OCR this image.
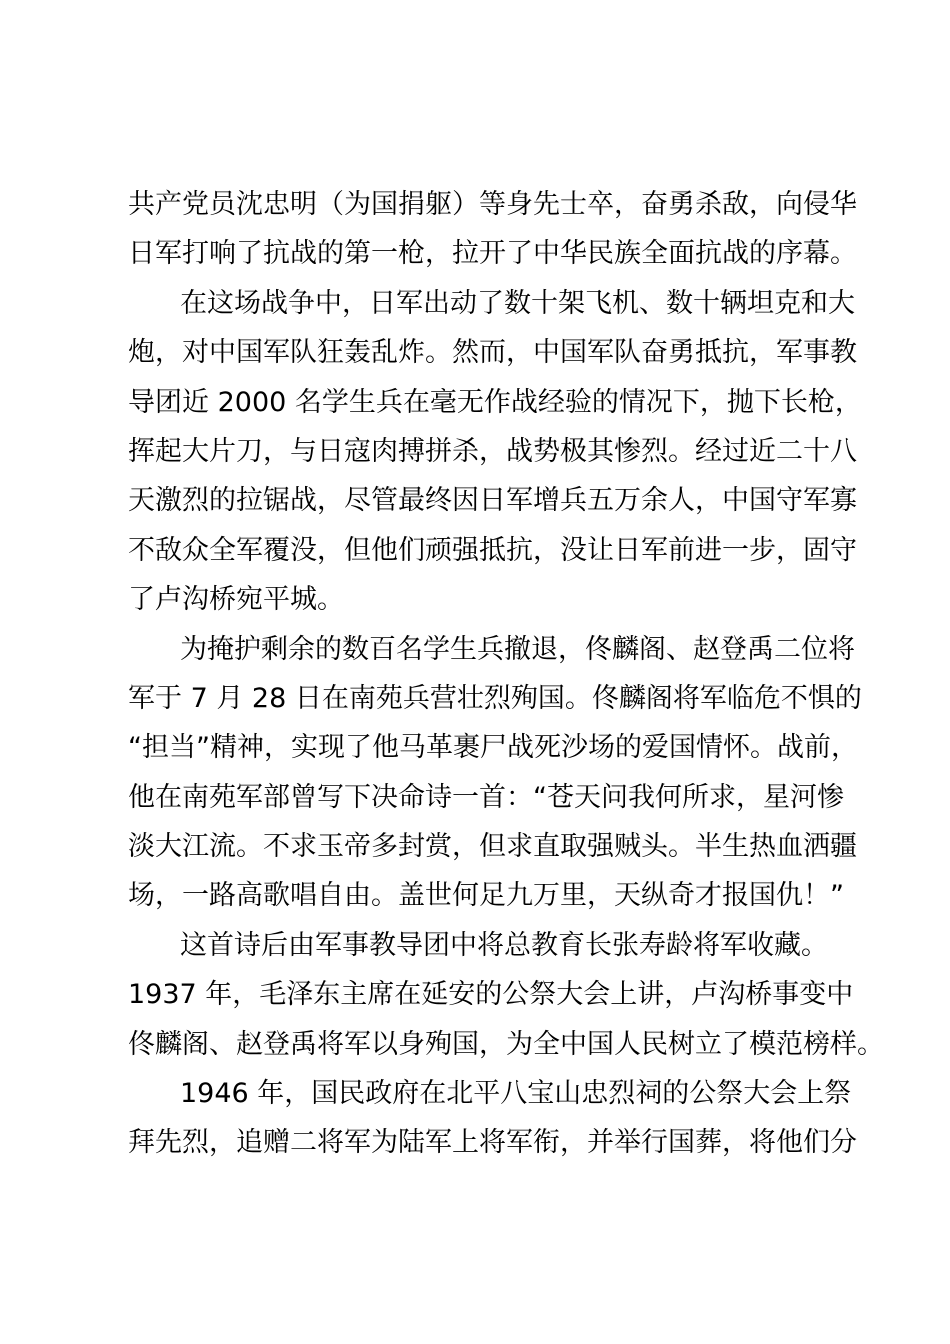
共产党员沈忠明（为国捐躯）等身先士卒，奋勇杀敌，向侵华
日军打响了抗战的第一枪，拉开了中华民族全面抗战的序幕。
在这场战争中，日军出动了数十架飞机、数十辆坦克和大
炮，对中国军队狂轰乱炸。然而，中国军队奋勇抵抗，军事教
导团近 2000 名学生兵在毫无作战经验的情况下，抛下长枪，
挥起大片刀，与日寇肉搏拼杀，战势极其惨烈。经过近二十八
天激烈的拉锯战，尽管最终因日军增兵五万余人，中国守军寡
不敌众全军覆没，但他们顽强抵抗，没让日军前进一步，固守
了卢沟桥宛平城。
为掩护剩余的数百名学生兵撤退，佟麟阁、赵登禹二位将
军于 7 月 28 日在南苑兵营壮烈殉国。佟麟阁将军临危不惧的
“担当”精神，实现了他马革裹尸战死沙场的爱国情怀。战前，
他在南苑军部曾写下决命诗一首：“苍天问我何所求，星河惨
淡大江流。不求玉帝多封赏，但求直取强贼头。半生热血洒疆
场，一路高歌唱自由。盖世何足九万里，天纵奇才报国仇！”
这首诗后由军事教导团中将总教育长张寿龄将军收藏。
1937 年，毛泽东主席在延安的公祭大会上讲，卢沟桥事变中
佟麟阁、赵登禹将军以身殉国，为全中国人民树立了模范榜样。
1946 年，国民政府在北平八宝山忠烈祠的公祭大会上祭
拜先烈，追赠二将军为陆军上将军衔，并举行国葬，将他们分
